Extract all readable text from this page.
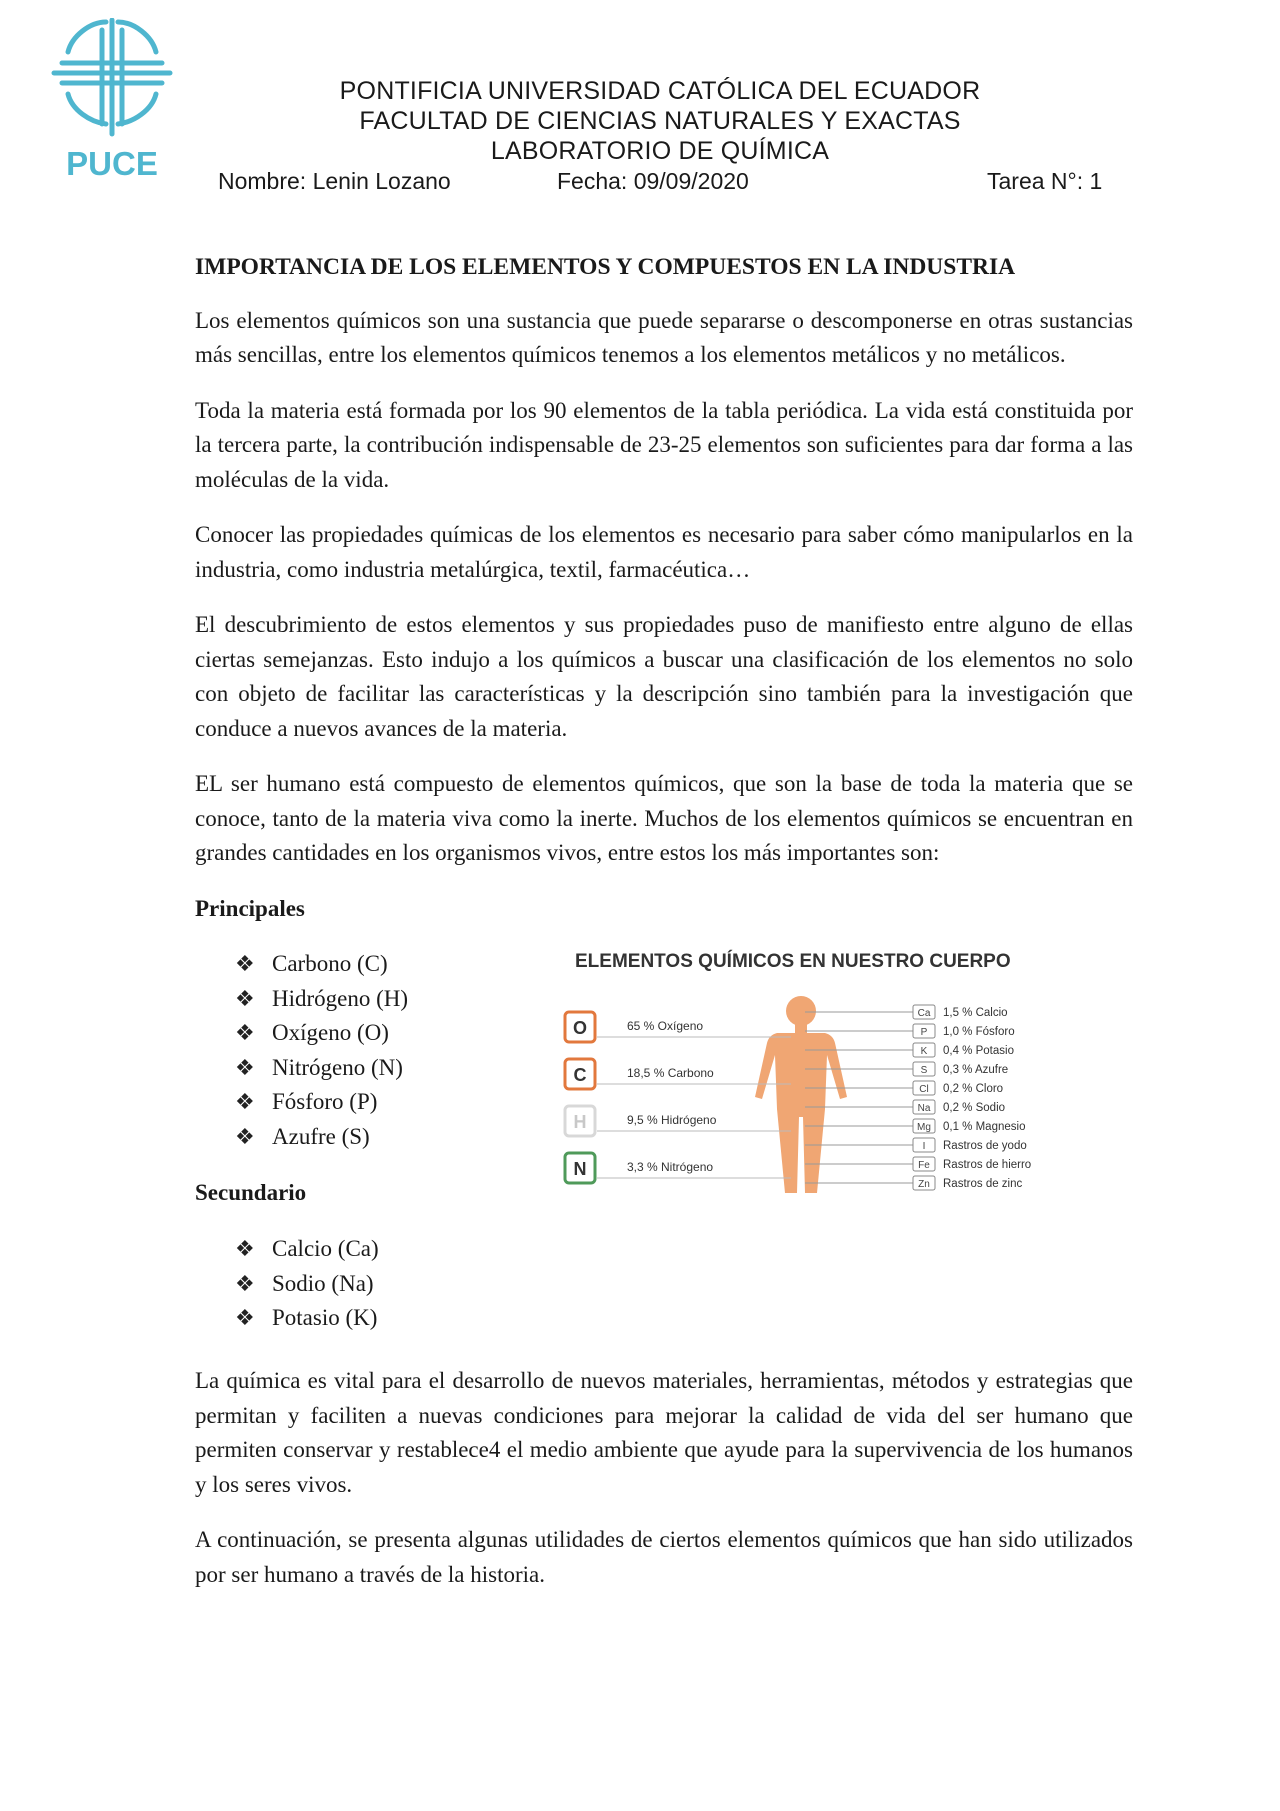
PUCE
PONTIFICIA UNIVERSIDAD CATÓLICA DEL ECUADOR
FACULTAD DE CIENCIAS NATURALES Y EXACTAS
LABORATORIO DE QUÍMICA
Nombre: Lenin Lozano	Fecha: 09/09/2020	Tarea N°: 1
IMPORTANCIA DE LOS ELEMENTOS Y COMPUESTOS EN LA INDUSTRIA

Los elementos químicos son una sustancia que puede separarse o descomponerse en otras sustancias más sencillas, entre los elementos químicos tenemos a los elementos metálicos y no metálicos.

Toda la materia está formada por los 90 elementos de la tabla periódica. La vida está constituida por la tercera parte, la contribución indispensable de 23-25 elementos son suficientes para dar forma a las moléculas de la vida.

Conocer las propiedades químicas de los elementos es necesario para saber cómo manipularlos en la industria, como industria metalúrgica, textil, farmacéutica…

El descubrimiento de estos elementos y sus propiedades puso de manifiesto entre alguno de ellas ciertas semejanzas. Esto indujo a los químicos a buscar una clasificación de los elementos no solo con objeto de facilitar las características y la descripción sino también para la investigación que conduce a nuevos avances de la materia.

EL ser humano está compuesto de elementos químicos, que son la base de toda la materia que se conoce, tanto de la materia viva como la inerte. Muchos de los elementos químicos se encuentran en grandes cantidades en los organismos vivos, entre estos los más importantes son:

Principales
❖ Carbono (C)
❖ Hidrógeno (H)
❖ Oxígeno (O)
❖ Nitrógeno (N)
❖ Fósforo (P)
❖ Azufre (S)
Secundario
❖ Calcio (Ca)
❖ Sodio (Na)
❖ Potasio (K)
ELEMENTOS QUÍMICOS EN NUESTRO CUERPO
O	65 % Oxígeno
C	18,5 % Carbono
H	9,5 % Hidrógeno
N	3,3 % Nitrógeno
Ca 1,5 % Calcio
P 1,0 % Fósforo
K 0,4 % Potasio
S 0,3 % Azufre
Cl 0,2 % Cloro
Na 0,2 % Sodio
Mg 0,1 % Magnesio
I Rastros de yodo
Fe Rastros de hierro
Zn Rastros de zinc

La química es vital para el desarrollo de nuevos materiales, herramientas, métodos y estrategias que permitan y faciliten a nuevas condiciones para mejorar la calidad de vida del ser humano que permiten conservar y restablece4 el medio ambiente que ayude para la supervivencia de los humanos y los seres vivos.

A continuación, se presenta algunas utilidades de ciertos elementos químicos que han sido utilizados por ser humano a través de la historia.
